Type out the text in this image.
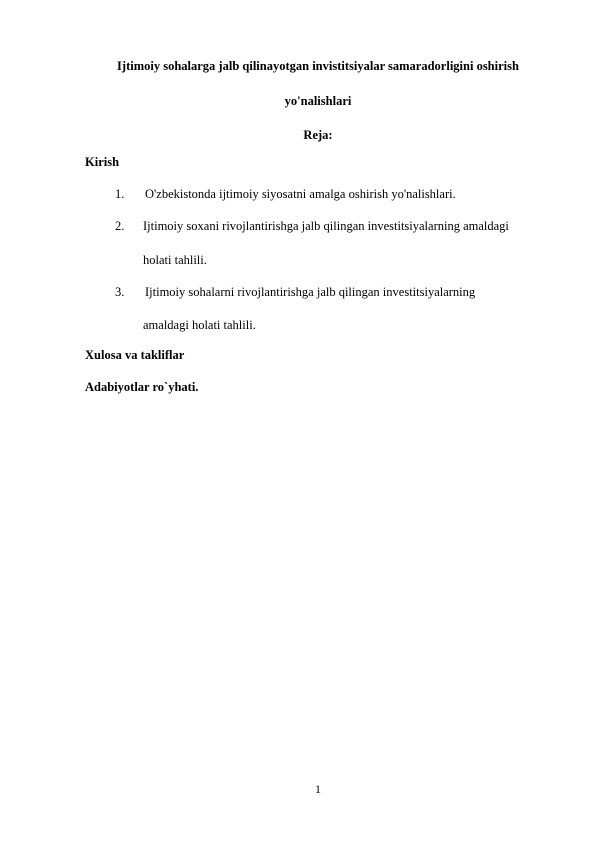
Ijtimoiy sohalarga jalb qilinayotgan invistitsiyalar samaradorligini oshirish
yo'nalishlari
Reja:
Kirish
1. O'zbekistonda ijtimoiy siyosatni amalga oshirish yo'nalishlari.
2. Ijtimoiy soxani rivojlantirishga jalb qilingan investitsiyalarning amaldagi
holati tahlili.
3. Ijtimoiy sohalarni rivojlantirishga jalb qilingan investitsiyalarning
amaldagi holati tahlili.
Xulosa va takliflar
Adabiyotlar ro`yhati.
1
